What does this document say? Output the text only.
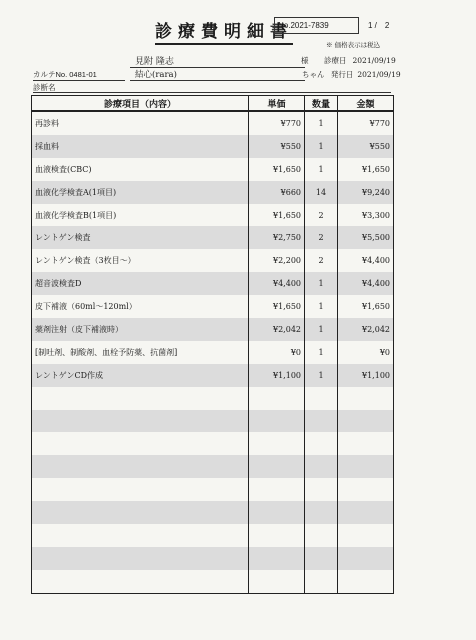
診療費明細書
No.2021-7839	1 /　2
※ 価格表示は税込
見附 隆志	様 診療日 2021/09/19
カルテNo. 0481-01	結心(rara)	ちゃん 発行日 2021/09/19
診断名
診療項目（内容）	単価	数量	金額
再診料	¥770	1	¥770
採血料	¥550	1	¥550
血液検査(CBC)	¥1,650	1	¥1,650
血液化学検査A(1項目)	¥660	14	¥9,240
血液化学検査B(1項目)	¥1,650	2	¥3,300
レントゲン検査	¥2,750	2	¥5,500
レントゲン検査（3枚目〜）	¥2,200	2	¥4,400
超音波検査D	¥4,400	1	¥4,400
皮下補液（60ml〜120ml）	¥1,650	1	¥1,650
薬剤注射（皮下補液時）	¥2,042	1	¥2,042
[制吐剤、制酸剤、血栓予防薬、抗菌剤]	¥0	1	¥0
レントゲンCD作成	¥1,100	1	¥1,100
